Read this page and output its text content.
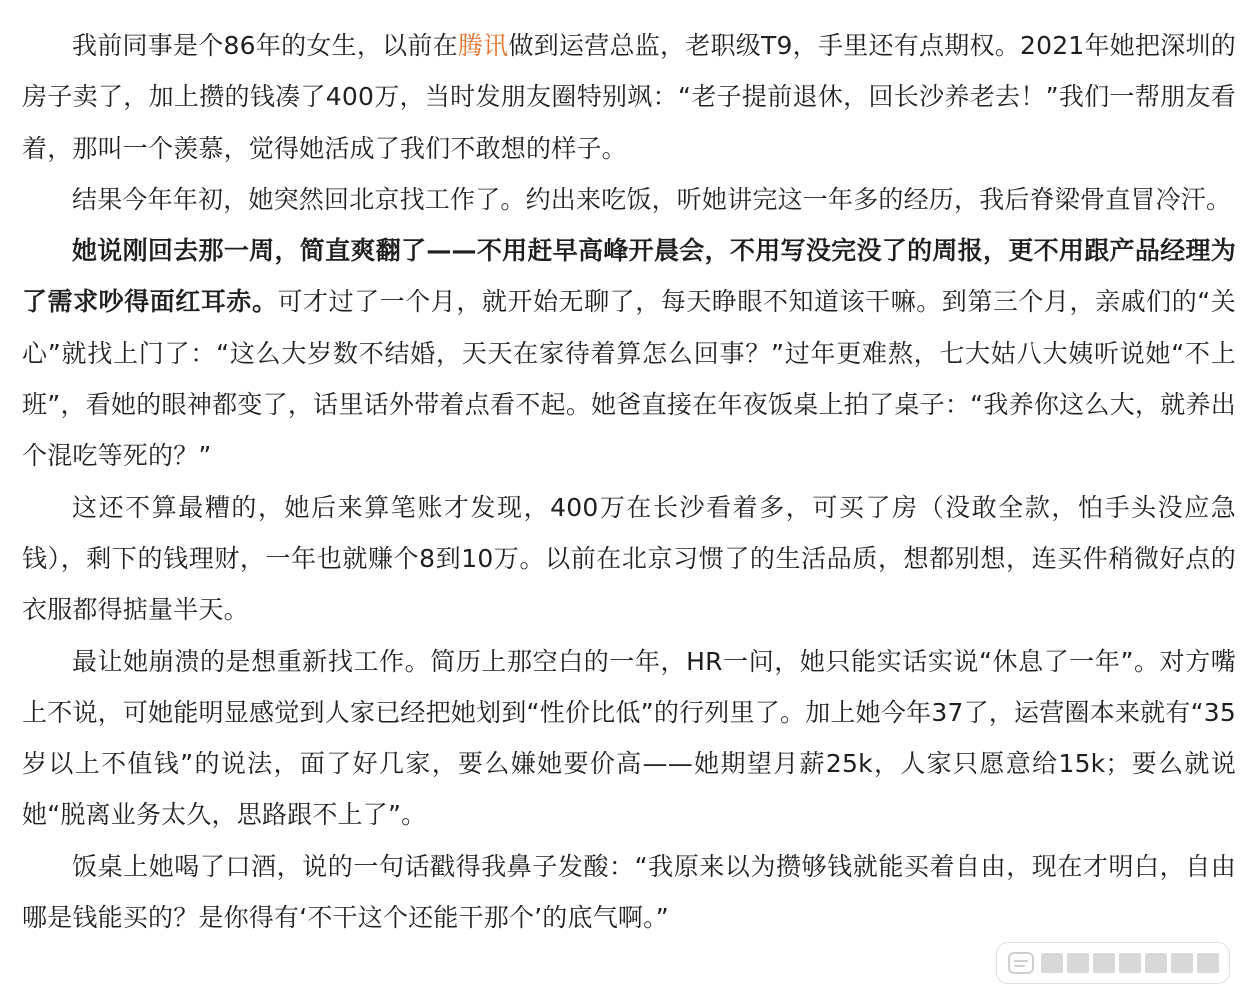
我前同事是个86年的女生，以前在腾讯做到运营总监，老职级T9，手里还有点期权。2021年她把深圳的房子卖了，加上攒的钱凑了400万，当时发朋友圈特别飒：“老子提前退休，回长沙养老去！”我们一帮朋友看着，那叫一个羡慕，觉得她活成了我们不敢想的样子。

结果今年年初，她突然回北京找工作了。约出来吃饭，听她讲完这一年多的经历，我后脊梁骨直冒冷汗。

她说刚回去那一周，简直爽翻了——不用赶早高峰开晨会，不用写没完没了的周报，更不用跟产品经理为了需求吵得面红耳赤。可才过了一个月，就开始无聊了，每天睁眼不知道该干嘛。到第三个月，亲戚们的“关心”就找上门了：“这么大岁数不结婚，天天在家待着算怎么回事？”过年更难熬，七大姑八大姨听说她“不上班”，看她的眼神都变了，话里话外带着点看不起。她爸直接在年夜饭桌上拍了桌子：“我养你这么大，就养出个混吃等死的？”

这还不算最糟的，她后来算笔账才发现，400万在长沙看着多，可买了房（没敢全款，怕手头没应急钱），剩下的钱理财，一年也就赚个8到10万。以前在北京习惯了的生活品质，想都别想，连买件稍微好点的衣服都得掂量半天。

最让她崩溃的是想重新找工作。简历上那空白的一年，HR一问，她只能实话实说“休息了一年”。对方嘴上不说，可她能明显感觉到人家已经把她划到“性价比低”的行列里了。加上她今年37了，运营圈本来就有“35岁以上不值钱”的说法，面了好几家，要么嫌她要价高——她期望月薪25k，人家只愿意给15k；要么就说她“脱离业务太久，思路跟不上了”。

饭桌上她喝了口酒，说的一句话戳得我鼻子发酸：“我原来以为攒够钱就能买着自由，现在才明白，自由哪是钱能买的？是你得有‘不干这个还能干那个’的底气啊。”
